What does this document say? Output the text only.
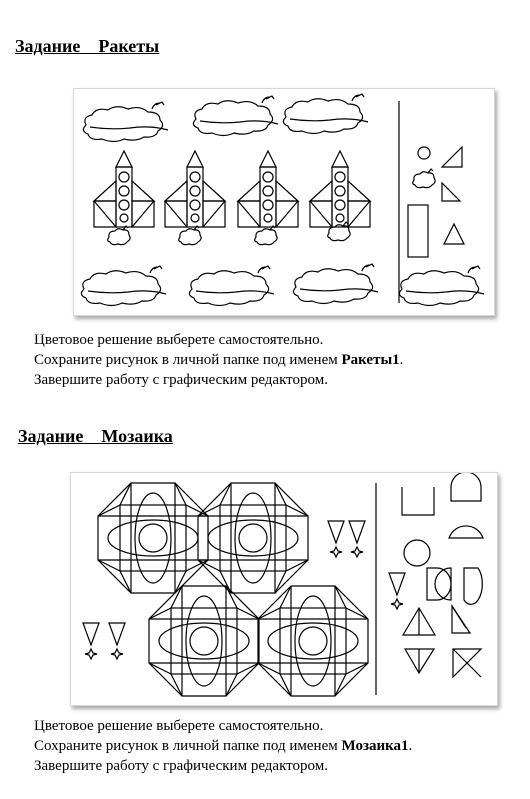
Задание    Ракеты

Цветовое решение выберете самостоятельно.

Сохраните рисунок в личной папке под именем Ракеты1.

Завершите работу с графическим редактором.

Задание    Мозаика

Цветовое решение выберете самостоятельно.

Сохраните рисунок в личной папке под именем Мозаика1.

Завершите работу с графическим редактором.
